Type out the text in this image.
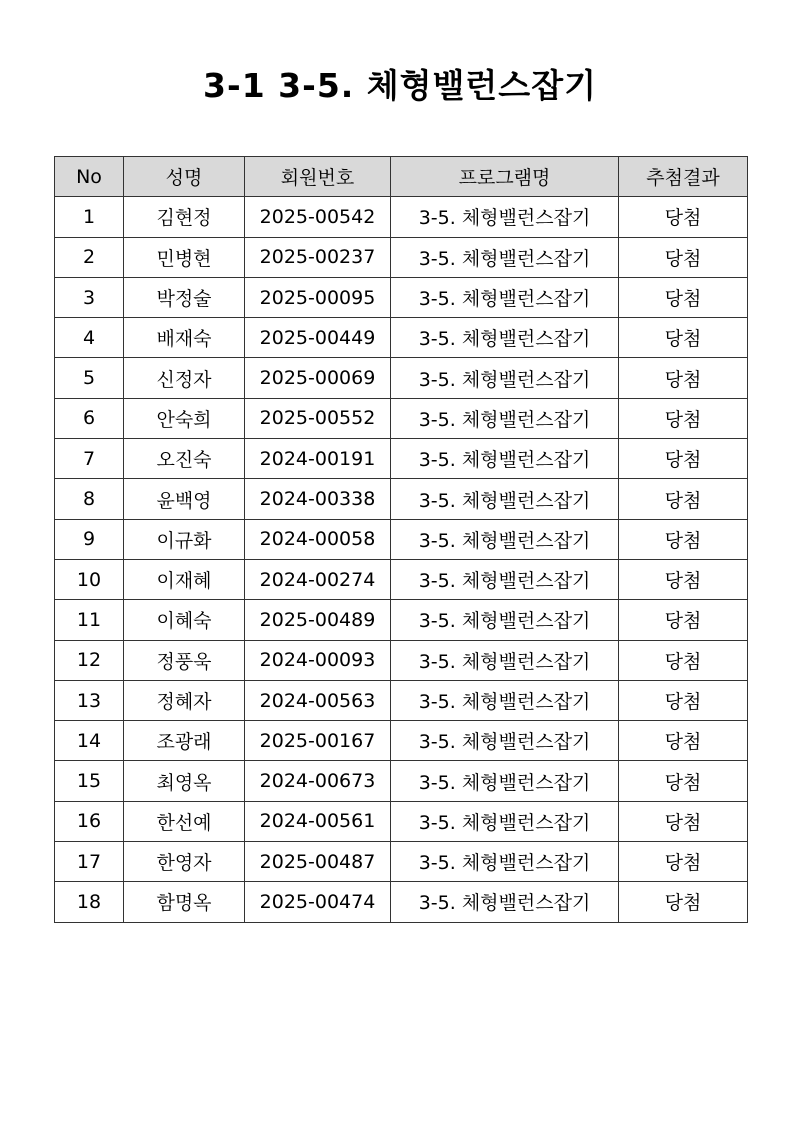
3-1 3-5. 체형밸런스잡기
No	성명	회원번호	프로그램명	추첨결과
1	김현정	2025-00542	3-5. 체형밸런스잡기	당첨
2	민병현	2025-00237	3-5. 체형밸런스잡기	당첨
3	박정술	2025-00095	3-5. 체형밸런스잡기	당첨
4	배재숙	2025-00449	3-5. 체형밸런스잡기	당첨
5	신정자	2025-00069	3-5. 체형밸런스잡기	당첨
6	안숙희	2025-00552	3-5. 체형밸런스잡기	당첨
7	오진숙	2024-00191	3-5. 체형밸런스잡기	당첨
8	윤백영	2024-00338	3-5. 체형밸런스잡기	당첨
9	이규화	2024-00058	3-5. 체형밸런스잡기	당첨
10	이재혜	2024-00274	3-5. 체형밸런스잡기	당첨
11	이혜숙	2025-00489	3-5. 체형밸런스잡기	당첨
12	정풍욱	2024-00093	3-5. 체형밸런스잡기	당첨
13	정혜자	2024-00563	3-5. 체형밸런스잡기	당첨
14	조광래	2025-00167	3-5. 체형밸런스잡기	당첨
15	최영옥	2024-00673	3-5. 체형밸런스잡기	당첨
16	한선예	2024-00561	3-5. 체형밸런스잡기	당첨
17	한영자	2025-00487	3-5. 체형밸런스잡기	당첨
18	함명옥	2025-00474	3-5. 체형밸런스잡기	당첨
